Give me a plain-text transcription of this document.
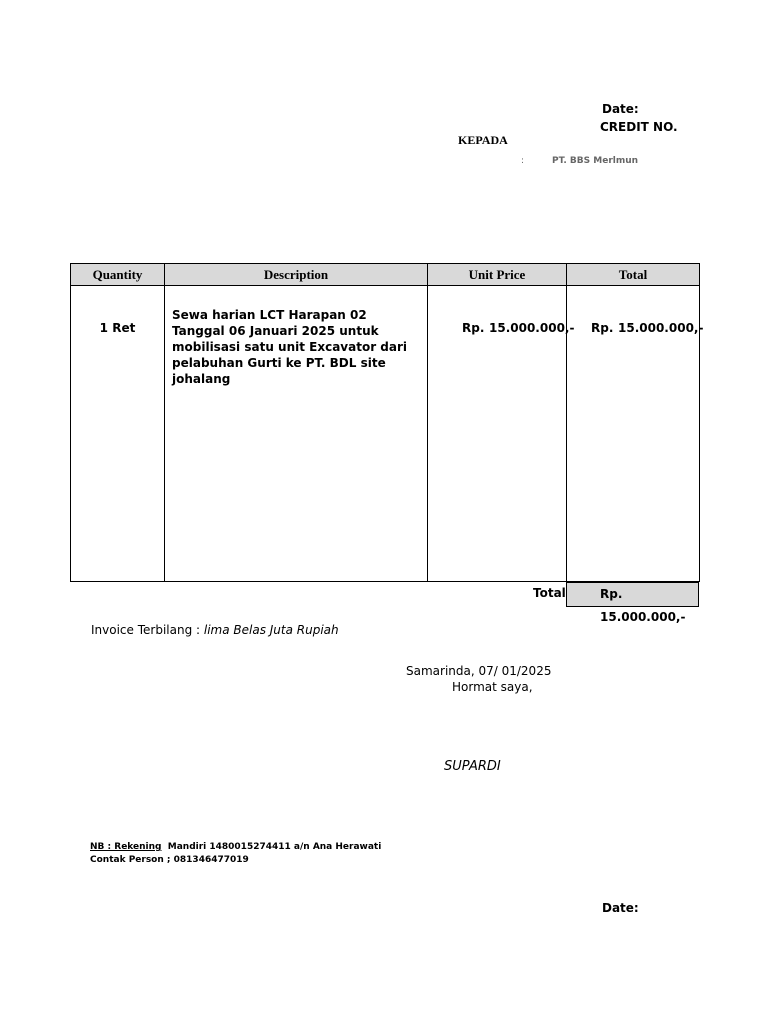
Date:
CREDIT NO.
KEPADA
:	PT. BBS Merlmun
Quantity	Description	Unit Price	Total
1 Ret	Sewa harian LCT Harapan 02 Tanggal 06 Januari 2025 untuk mobilisasi satu unit Excavator dari pelabuhan Gurti ke PT. BDL site johalang	Rp. 15.000.000,-	Rp. 15.000.000,-
Total	Rp. 15.000.000,-
Invoice Terbilang : lima Belas Juta Rupiah
Samarinda, 07/ 01/2025
Hormat saya,
SUPARDI
NB : Rekening  Mandiri 1480015274411 a/n Ana Herawati
Contak Person ; 081346477019
Date:
